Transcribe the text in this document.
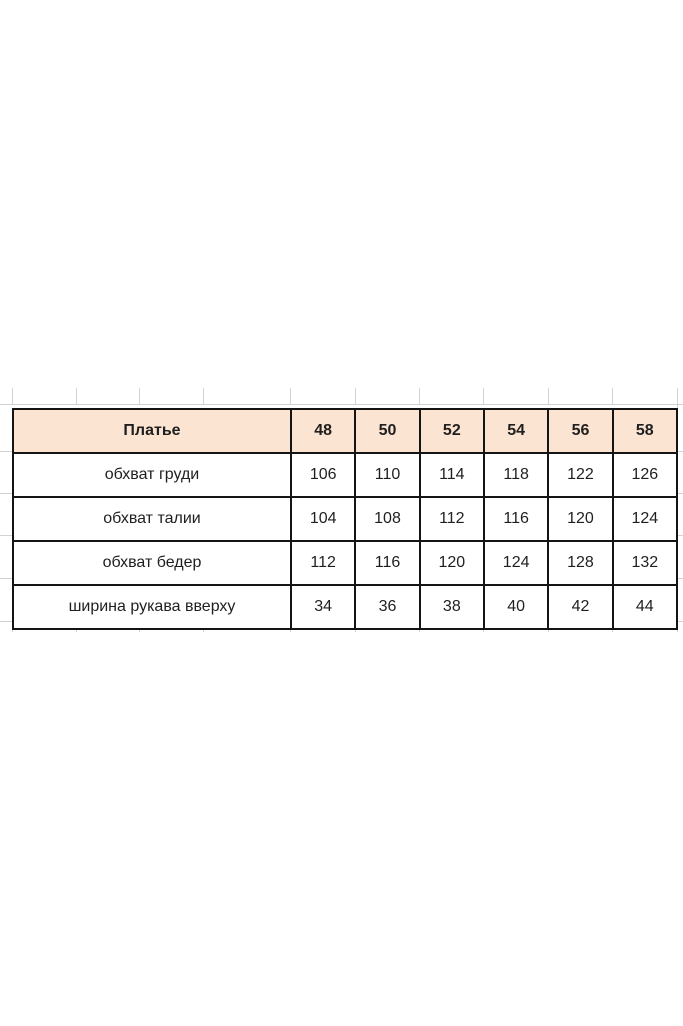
Платье	48	50	52	54	56	58
обхват груди	106	110	114	118	122	126
обхват талии	104	108	112	116	120	124
обхват бедер	112	116	120	124	128	132
ширина рукава вверху	34	36	38	40	42	44
